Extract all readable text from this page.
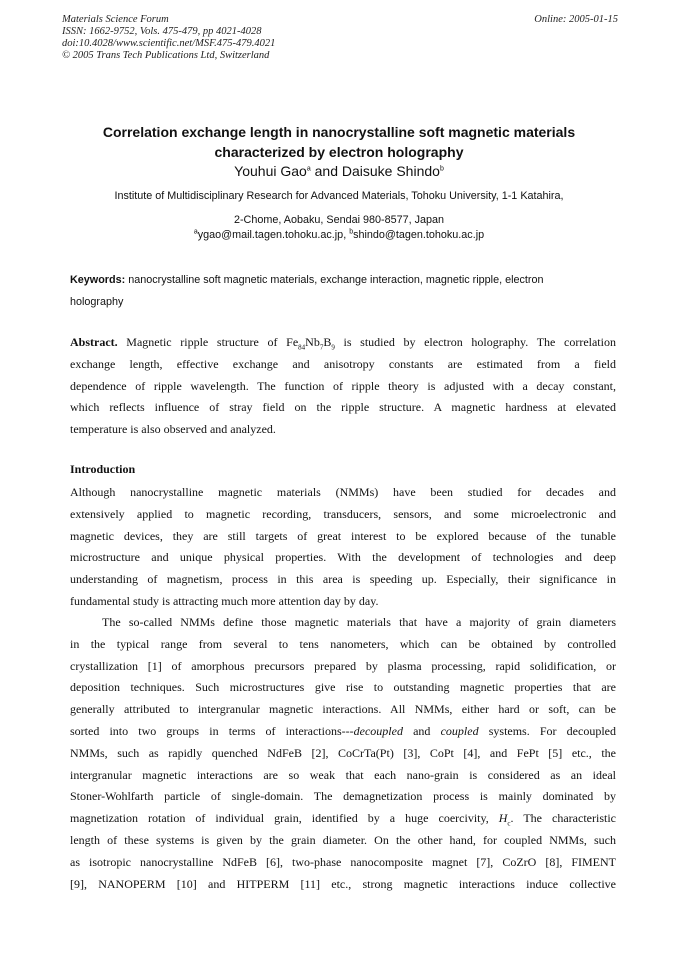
Materials Science Forum
ISSN: 1662-9752, Vols. 475-479, pp 4021-4028
doi:10.4028/www.scientific.net/MSF.475-479.4021
© 2005 Trans Tech Publications Ltd, Switzerland
Online: 2005-01-15
Correlation exchange length in nanocrystalline soft magnetic materials
characterized by electron holography
Youhui Gao$^a$ and Daisuke Shindo$^b$
Institute of Multidisciplinary Research for Advanced Materials, Tohoku University, 1-1 Katahira,
2-Chome, Aobaku, Sendai 980-8577, Japan
$^a$ygao@mail.tagen.tohoku.ac.jp, $^b$shindo@tagen.tohoku.ac.jp
Keywords: nanocrystalline soft magnetic materials, exchange interaction, magnetic ripple, electron
holography
Abstract. Magnetic ripple structure of $Fe_{84}Nb_7B_9$ is studied by electron holography. The correlation
exchange length, effective exchange and anisotropy constants are estimated from a field
dependence of ripple wavelength. The function of ripple theory is adjusted with a decay constant,
which reflects influence of stray field on the ripple structure. A magnetic hardness at elevated
temperature is also observed and analyzed.
Introduction
Although nanocrystalline magnetic materials (NMMs) have been studied for decades and
extensively applied to magnetic recording, transducers, sensors, and some microelectronic and
magnetic devices, they are still targets of great interest to be explored because of the tunable
microstructure and unique physical properties. With the development of technologies and deep
understanding of magnetism, process in this area is speeding up. Especially, their significance in
fundamental study is attracting much more attention day by day.
The so-called NMMs define those magnetic materials that have a majority of grain diameters
in the typical range from several to tens nanometers, which can be obtained by controlled
crystallization [1] of amorphous precursors prepared by plasma processing, rapid solidification, or
deposition techniques. Such microstructures give rise to outstanding magnetic properties that are
generally attributed to intergranular magnetic interactions. All NMMs, either hard or soft, can be
sorted into two groups in terms of interactions---decoupled and coupled systems. For decoupled
NMMs, such as rapidly quenched NdFeB [2], CoCrTa(Pt) [3], CoPt [4], and FePt [5] etc., the
intergranular magnetic interactions are so weak that each nano-grain is considered as an ideal
Stoner-Wohlfarth particle of single-domain. The demagnetization process is mainly dominated by
magnetization rotation of individual grain, identified by a huge coercivity, $H_c$. The characteristic
length of these systems is given by the grain diameter. On the other hand, for coupled NMMs, such
as isotropic nanocrystalline NdFeB [6], two-phase nanocomposite magnet [7], CoZrO [8], FIMENT
[9], NANOPERM [10] and HITPERM [11] etc., strong magnetic interactions induce collective
